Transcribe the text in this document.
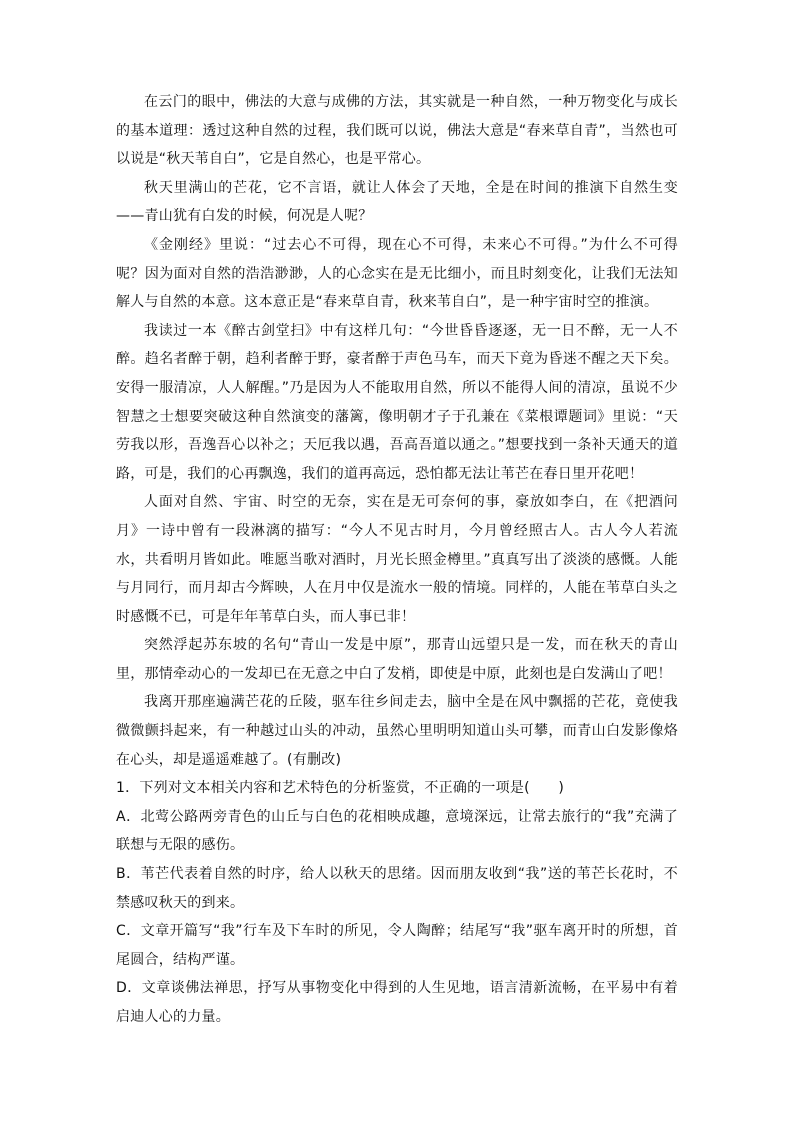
在云门的眼中，佛法的大意与成佛的方法，其实就是一种自然，一种万物变化与成长的基本道理：透过这种自然的过程，我们既可以说，佛法大意是“春来草自青”，当然也可以说是“秋天苇自白”，它是自然心，也是平常心。

秋天里满山的芒花，它不言语，就让人体会了天地，全是在时间的推演下自然生变——青山犹有白发的时候，何况是人呢？

《金刚经》里说：“过去心不可得，现在心不可得，未来心不可得。”为什么不可得呢？因为面对自然的浩浩渺渺，人的心念实在是无比细小，而且时刻变化，让我们无法知解人与自然的本意。这本意正是“春来草自青，秋来苇自白”，是一种宇宙时空的推演。

我读过一本《醉古剑堂扫》中有这样几句：“今世昏昏逐逐，无一日不醉，无一人不醉。趋名者醉于朝，趋利者醉于野，豪者醉于声色马车，而天下竟为昏迷不醒之天下矣。安得一服清凉，人人解醒。”乃是因为人不能取用自然，所以不能得人间的清凉，虽说不少智慧之士想要突破这种自然演变的藩篱，像明朝才子于孔兼在《菜根谭题词》里说：“天劳我以形，吾逸吾心以补之；天厄我以遇，吾高吾道以通之。”想要找到一条补天通天的道路，可是，我们的心再飘逸，我们的道再高远，恐怕都无法让苇芒在春日里开花吧！

人面对自然、宇宙、时空的无奈，实在是无可奈何的事，豪放如李白，在《把酒问月》一诗中曾有一段淋漓的描写：“今人不见古时月，今月曾经照古人。古人今人若流水，共看明月皆如此。唯愿当歌对酒时，月光长照金樽里。”真真写出了淡淡的感慨。人能与月同行，而月却古今辉映，人在月中仅是流水一般的情境。同样的，人能在苇草白头之时感慨不已，可是年年苇草白头，而人事已非！

突然浮起苏东坡的名句“青山一发是中原”，那青山远望只是一发，而在秋天的青山里，那情牵动心的一发却已在无意之中白了发梢，即使是中原，此刻也是白发满山了吧！

我离开那座遍满芒花的丘陵，驱车往乡间走去，脑中全是在风中飘摇的芒花，竟使我微微颤抖起来，有一种越过山头的冲动，虽然心里明明知道山头可攀，而青山白发影像烙在心头，却是遥遥难越了。(有删改)

1．下列对文本相关内容和艺术特色的分析鉴赏，不正确的一项是(　　)

A．北莺公路两旁青色的山丘与白色的花相映成趣，意境深远，让常去旅行的“我”充满了联想与无限的感伤。

B．苇芒代表着自然的时序，给人以秋天的思绪。因而朋友收到“我”送的苇芒长花时，不禁感叹秋天的到来。

C．文章开篇写“我”行车及下车时的所见，令人陶醉；结尾写“我”驱车离开时的所想，首尾圆合，结构严谨。

D．文章谈佛法禅思，抒写从事物变化中得到的人生见地，语言清新流畅，在平易中有着启迪人心的力量。
